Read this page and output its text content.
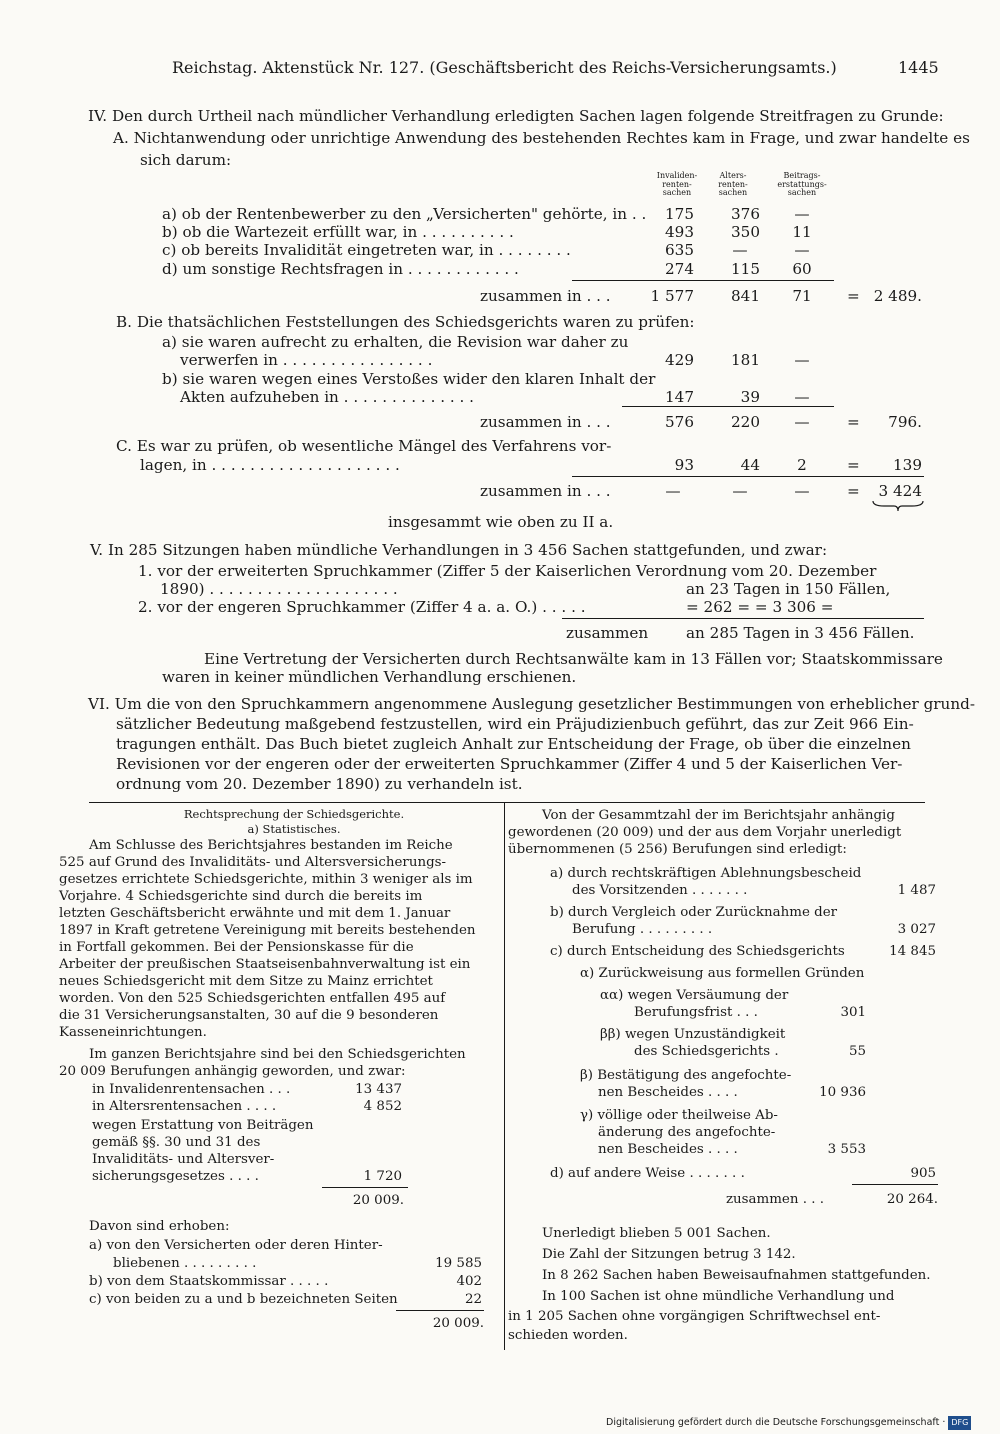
Reichstag. Aktenstück Nr. 127. (Geschäftsbericht des Reichs-Versicherungsamts.)	1445
IV. Den durch Urtheil nach mündlicher Verhandlung erledigten Sachen lagen folgende Streitfragen zu Grunde:
A. Nichtanwendung oder unrichtige Anwendung des bestehenden Rechtes kam in Frage, und zwar handelte es
sich darum:
Invaliden-
renten-
sachen
Alters-
renten-
sachen
Beitrags-
erstattungs-
sachen
a) ob der Rentenbewerber zu den „Versicherten" gehörte, in . .	175	376	—
b) ob die Wartezeit erfüllt war, in . . . . . . . . . .	493	350	11
c) ob bereits Invalidität eingetreten war, in . . . . . . . .	635	—	—
d) um sonstige Rechtsfragen in . . . . . . . . . . . .	274	115	60
zusammen in . . .	1 577	841	71	= 2 489.
B. Die thatsächlichen Feststellungen des Schiedsgerichts waren zu prüfen:
a) sie waren aufrecht zu erhalten, die Revision war daher zu
verwerfen in . . . . . . . . . . . . . . . .	429	181	—
b) sie waren wegen eines Verstoßes wider den klaren Inhalt der
Akten aufzuheben in . . . . . . . . . . . . . .	147	39	—
zusammen in . . .	576	220	—	=	796.
C. Es war zu prüfen, ob wesentliche Mängel des Verfahrens vor-
lagen, in . . . . . . . . . . . . . . . . . . . .	93	44	2	=	139
zusammen in . . .	—	—	—	=	3 424
insgesammt wie oben zu II a.
V. In 285 Sitzungen haben mündliche Verhandlungen in 3 456 Sachen stattgefunden, und zwar:
1. vor der erweiterten Spruchkammer (Ziffer 5 der Kaiserlichen Verordnung vom 20. Dezember
1890) . . . . . . . . . . . . . . . . . . . .	an 23 Tagen in 150 Fällen,
2. vor der engeren Spruchkammer (Ziffer 4 a. a. O.) . . . . .	= 262 = = 3 306 =
zusammen an 285 Tagen in 3 456 Fällen.
Eine Vertretung der Versicherten durch Rechtsanwälte kam in 13 Fällen vor; Staatskommissare
waren in keiner mündlichen Verhandlung erschienen.
VI. Um die von den Spruchkammern angenommene Auslegung gesetzlicher Bestimmungen von erheblicher grund-
sätzlicher Bedeutung maßgebend festzustellen, wird ein Präjudizienbuch geführt, das zur Zeit 966 Ein-
tragungen enthält. Das Buch bietet zugleich Anhalt zur Entscheidung der Frage, ob über die einzelnen
Revisionen vor der engeren oder der erweiterten Spruchkammer (Ziffer 4 und 5 der Kaiserlichen Ver-
ordnung vom 20. Dezember 1890) zu verhandeln ist.
Rechtsprechung der Schiedsgerichte.
a) Statistisches.
Am Schlusse des Berichtsjahres bestanden im Reiche
525 auf Grund des Invaliditäts- und Altersversicherungs-
gesetzes errichtete Schiedsgerichte, mithin 3 weniger als im
Vorjahre. 4 Schiedsgerichte sind durch die bereits im
letzten Geschäftsbericht erwähnte und mit dem 1. Januar
1897 in Kraft getretene Vereinigung mit bereits bestehenden
in Fortfall gekommen. Bei der Pensionskasse für die
Arbeiter der preußischen Staatseisenbahnverwaltung ist ein
neues Schiedsgericht mit dem Sitze zu Mainz errichtet
worden. Von den 525 Schiedsgerichten entfallen 495 auf
die 31 Versicherungsanstalten, 30 auf die 9 besonderen
Kasseneinrichtungen.
Im ganzen Berichtsjahre sind bei den Schiedsgerichten
20 009 Berufungen anhängig geworden, und zwar:
in Invalidenrentensachen . . .	13 437
in Altersrentensachen . . . .	4 852
wegen Erstattung von Beiträgen
gemäß §§. 30 und 31 des
Invaliditäts- und Altersver-
sicherungsgesetzes . . . .	1 720
20 009.
Davon sind erhoben:
a) von den Versicherten oder deren Hinter-
bliebenen . . . . . . . . .	19 585
b) von dem Staatskommissar . . . . .	402
c) von beiden zu a und b bezeichneten Seiten	22
20 009.
Von der Gesammtzahl der im Berichtsjahr anhängig
gewordenen (20 009) und der aus dem Vorjahr unerledigt
übernommenen (5 256) Berufungen sind erledigt:
a) durch rechtskräftigen Ablehnungsbescheid
des Vorsitzenden . . . . . . .	1 487
b) durch Vergleich oder Zurücknahme der
Berufung . . . . . . . . .	3 027
c) durch Entscheidung des Schiedsgerichts	14 845
α) Zurückweisung aus formellen Gründen
αα) wegen Versäumung der
Berufungsfrist . . .	301
ββ) wegen Unzuständigkeit
des Schiedsgerichts .	55
β) Bestätigung des angefochte-
nen Bescheides . . . .	10 936
γ) völlige oder theilweise Ab-
änderung des angefochte-
nen Bescheides . . . .	3 553
d) auf andere Weise . . . . . . .	905
zusammen . . .	20 264.
Unerledigt blieben 5 001 Sachen.
Die Zahl der Sitzungen betrug 3 142.
In 8 262 Sachen haben Beweisaufnahmen stattgefunden.
In 100 Sachen ist ohne mündliche Verhandlung und
in 1 205 Sachen ohne vorgängigen Schriftwechsel ent-
schieden worden.
Digitalisierung gefördert durch die Deutsche Forschungsgemeinschaft · DFG
